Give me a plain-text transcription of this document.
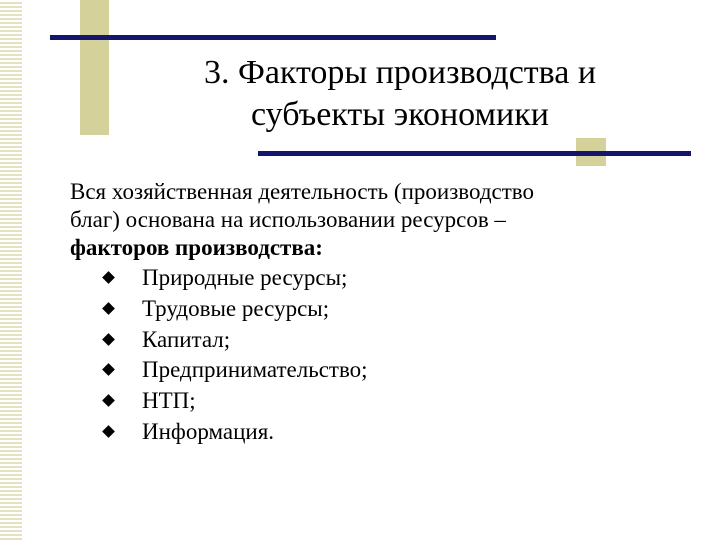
3. Факторы производства и
субъекты экономики
Вся хозяйственная деятельность (производство
благ) основана на использовании ресурсов –
факторов производства:
Природные ресурсы;
Трудовые ресурсы;
Капитал;
Предпринимательство;
НТП;
Информация.
